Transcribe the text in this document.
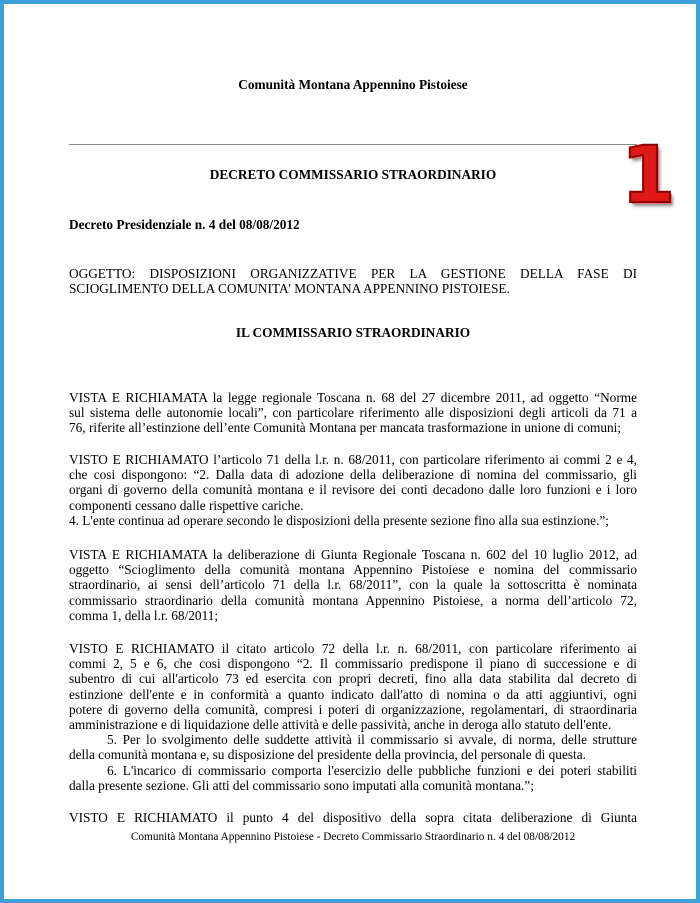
Comunità Montana Appennino Pistoiese
DECRETO COMMISSARIO STRAORDINARIO
Decreto Presidenziale n. 4 del 08/08/2012
OGGETTO: DISPOSIZIONI ORGANIZZATIVE PER LA GESTIONE DELLA FASE DI SCIOGLIMENTO DELLA COMUNITA' MONTANA APPENNINO PISTOIESE.
IL COMMISSARIO STRAORDINARIO
VISTA E RICHIAMATA la legge regionale Toscana n. 68 del 27 dicembre 2011, ad oggetto “Norme
sul sistema delle autonomie locali”, con particolare riferimento alle disposizioni degli articoli da 71 a
76, riferite all’estinzione dell’ente Comunità Montana per mancata trasformazione in unione di comuni;
VISTO E RICHIAMATO l’articolo 71 della l.r. n. 68/2011, con particolare riferimento ai commi 2 e 4,
che cosi dispongono: “2. Dalla data di adozione della deliberazione di nomina del commissario, gli
organi di governo della comunità montana e il revisore dei conti decadono dalle loro funzioni e i loro
componenti cessano dalle rispettive cariche.
4. L'ente continua ad operare secondo le disposizioni della presente sezione fino alla sua estinzione.”;
VISTA E RICHIAMATA la deliberazione di Giunta Regionale Toscana n. 602 del 10 luglio 2012, ad
oggetto “Scioglimento della comunità montana Appennino Pistoiese e nomina del commissario
straordinario, ai sensi dell’articolo 71 della l.r. 68/2011”, con la quale la sottoscritta è nominata
commissario straordinario della comunità montana Appennino Pistoiese, a norma dell’articolo 72,
comma 1, della l.r. 68/2011;
VISTO E RICHIAMATO il citato articolo 72 della l.r. n. 68/2011, con particolare riferimento ai
commi 2, 5 e 6, che cosi dispongono “2. Il commissario predispone il piano di successione e di
subentro di cui all'articolo 73 ed esercita con propri decreti, fino alla data stabilita dal decreto di
estinzione dell'ente e in conformità a quanto indicato dall'atto di nomina o da atti aggiuntivi, ogni
potere di governo della comunità, compresi i poteri di organizzazione, regolamentari, di straordinaria
amministrazione e di liquidazione delle attività e delle passività, anche in deroga allo statuto dell'ente.
5. Per lo svolgimento delle suddette attività il commissario si avvale, di norma, delle strutture
della comunità montana e, su disposizione del presidente della provincia, del personale di questa.
6. L'incarico di commissario comporta l'esercizio delle pubbliche funzioni e dei poteri stabiliti
dalla presente sezione. Gli atti del commissario sono imputati alla comunità montana.”;
VISTO E RICHIAMATO il punto 4 del dispositivo della sopra citata deliberazione di Giunta
Comunità Montana Appennino Pistoiese - Decreto Commissario Straordinario n. 4 del 08/08/2012
1
